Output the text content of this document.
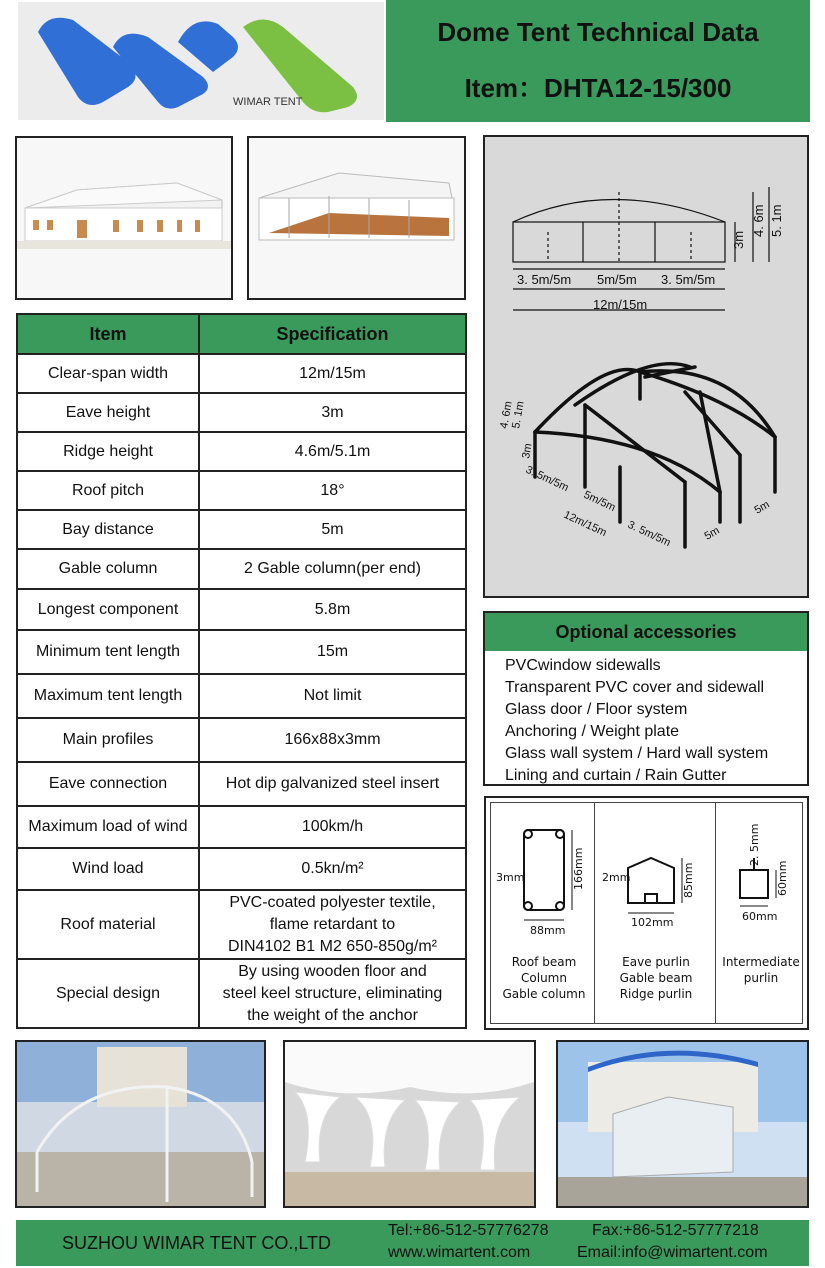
WIMAR TENT
Dome Tent Technical Data
Item：DHTA12-15/300
3. 5m/5m 5m/5m 3. 5m/5m
12m/15m
3m
4. 6m 5. 1m
4. 6m
5. 1m
3m
3. 5m/5m
5m/5m
3. 5m/5m
12m/15m	5m
5m
Item	Specification
Clear-span width	12m/15m
Eave height	3m
Ridge height	4.6m/5.1m
Roof pitch	18°
Bay distance	5m
Gable column	2 Gable column(per end)
Longest component	5.8m
Minimum tent length	15m
Maximum tent length	Not limit
Main profiles	166x88x3mm
Eave connection	Hot dip galvanized steel insert
Maximum load of wind	100km/h
Wind load	0.5kn/m²
Roof material	PVC-coated polyester textile,
flame retardant to
DIN4102 B1 M2 650-850g/m²

Special design	By using wooden floor and
steel keel structure, eliminating
the weight of the anchor
Optional accessories
PVCwindow sidewalls
Transparent PVC cover and sidewall
Glass door / Floor system
Anchoring / Weight plate
Glass wall system / Hard wall system
Lining and curtain / Rain Gutter
88mm
166mm
3mm
102mm
85mm
2mm
60mm
60mm
2. 5mm
Roof beam
Column
Gable column
Eave purlin
Gable beam
Ridge purlin
Intermediate
purlin
SUZHOU WIMAR TENT CO.,LTD
Tel:+86-512-57776278	Fax:+86-512-57777218
www.wimartent.com	Email:info@wimartent.com
